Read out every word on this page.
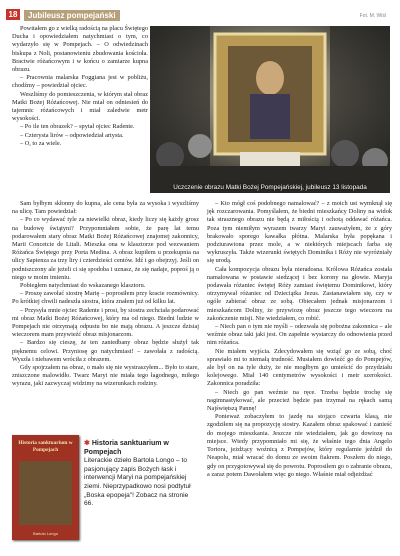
18	Jubileusz pompejański	Fot. M. Wiśl

Powitałem go z wielką radością na placu Świętego Ducha i opowiedziałem natychmiast o tym, co wydarzyło się w Pompejach. – O odwiedzinach biskupa z Noli, postanowieniu zbudowania kościoła. Bractwie różańcowym i w końcu o zamiarze kupna obrazu.

– Pracownia malarska Foggiana jest w pobliżu, chodźmy – powiedział ojciec.

Weszliśmy do pomieszczenia, w którym stał obraz Matki Bożej Różańcowej. Nie miał on odniesień do tajemnic różańcowych i miał zaledwie metr wysokości.

– Po ile ten obrazek? – spytał ojciec Radente.

– Czterysta lirów – odpowiedział artysta.

– O, to za wiele.

Uczczenie obrazu Matki Bożej Pompejańskiej, jubileusz 13 listopada

Sam byłbym skłonny do kupna, ale cena była za wysoka i wyszliśmy na ulicę. Tam powiedział:

– Po co wydawać tyle za niewielki obraz, kiedy liczy się każdy grosz na budowę świątyni? Przypomniałem sobie, że parę lat temu podarowałem stary obraz Matki Bożej Różańcowej znajomej zakonnicy, Marii Concetcie de Litali. Mieszka ona w klasztorze pod wezwaniem Różańca Świętego przy Porta Medina. A obraz kupiłem u przekupnia na ulicy Sapienza za trzy liry i czterdzieści centów. Idź i go obejrzyj. Jeśli on podniszczony ale jeżeli ci się spodoba i uznasz, że się nadaje, poproś ją o niego w moim imieniu.

Pobiegłem natychmiast do wskazanego klasztoru.

– Proszę zawołać siostrę Marię – poprosiłem przy kracie rozmównicy. Po krótkiej chwili nadeszła siostra, która znałem już od kilku lat.

– Przysyła mnie ojciec Radente i prosi, by siostra zechciała podarować mi obraz Matki Bożej Różańcowej, który ma od niego. Biedni ludzie w Pompejach nie otrzymają odpustu bo nie mają obrazu. A jeszcze dzisiaj wieczorem mam przywieźć obraz misjonarzom.

– Bardzo się cieszę, że ten zaniedbany obraz będzie służył tak pięknemu celowi. Przyniosę go natychmiast! – zawołała z radością. Wyszła i niebawem wróciła z obrazem.

Gdy spojrzałem na obraz, o mało się nie wystraszyłem... Było to stare, zniszczone malowidło. Twarz Maryi nie miała tego łagodnego, miłego wyrazu, jaki zazwyczaj widzimy na wizerunkach rodziny.

– Kto mógł coś podobnego namalować? – z moich ust wymknął się jęk rozczarowania. Pomyślałem, że biedni mieszkańcy Doliny na widok tak strasznego obrazu nie będą z miłością i ochotą oddawać różańca. Poza tym niemiłym wyrazem twarzy Maryi zauważyłem, że z góry brakowało sporego kawałka płótna. Malarska była popękana i podziurawiona przez mole, a w niektórych miejscach farba się wykruszyła. Także wizerunki świętych Dominika i Róży nie wyróżniały się urodą.

Cała kompozycja obrazu była nieradosna. Królowa Różańca została namalowana w postawie siedzącej i bez korony na głowie. Maryja podawała różaniec świętej Róży zamiast świętemu Dominikowi, który otrzymywał różaniec od Dzieciątka Jezus. Zastanawiałem się, czy w ogóle zabierać obraz ze sobą. Obiecałem jednak misjonarzom i mieszkańcom Doliny, że przywiozę obraz jeszcze tego wieczoru na zakończenie misji. Nie wiedziałem, co robić.

– Niech pan o tym nie myśli – odezwała się pobożna zakonnica – ale weźmie obraz taki jaki jest. On zapełnie wystarczy do odnowienia przed nim różańca.

Nie miałem wyjścia. Zdecydowałem się wziąć go ze sobą, choć sprawiało mi to niemałą trudność. Musiałem dowieźć go do Pompejów, ale był on na tyle duży, że nie mogłbym go umieścić do przydziału kolejowego. Miał 140 centymetrów wysokości i metr szerokości. Zakonnica poradziła:

– Niech go pan weźmie na ręce. Trzeba będzie trochę się nagimnastykować, ale przecież będzie pan trzymał na rękach samą Najświętszą Pannę!

Ponieważ zobaczyłem to jazdę na stojąco czwarta klasą, nie zgodziłem się na propozycję siostry. Kazałem obraz spakować i zanieść do mojego mieszkania. Jeszcze nie wiedziałem, jak go dowiozę na miejsce. Wtedy przypomniało mi się, że właśnie tego dnia Angelo Tortora, jeżdżący woźnicą z Pompejów, który regularnie jeździł do Neapolu, miał wracać do domu ze swoim fiakrem. Poszłem do niego, gdy on przygotowywał się do powrotu. Poprosiłem go o zabranie obrazu, a zaraz potem Dawołałem więc go niego. Właśnie miał odjeżdżać

Historia sanktuarium w Pompejach
Bartolo Longo
✱ Historia sanktuarium w Pompejach
Literackie dzieło Bartola Longo – to pasjonujący zapis Bożych łask i interwencji Maryi na pompejańskiej ziemi. Nieprzypadkowo nosi podtytuł „Boska epopeja"! Zobacz na stronie 66.
